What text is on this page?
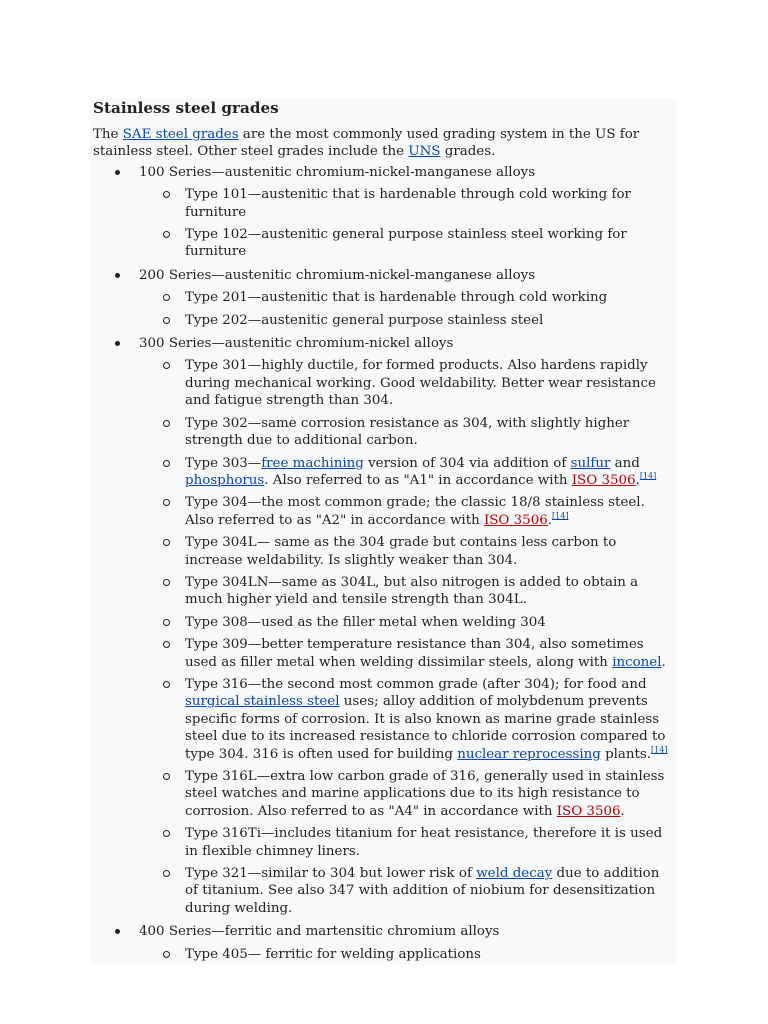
Stainless steel grades

The SAE steel grades are the most commonly used grading system in the US for stainless steel. Other steel grades include the UNS grades.

100 Series—austenitic chromium-nickel-manganese alloys
Type 101—austenitic that is hardenable through cold working for furniture
Type 102—austenitic general purpose stainless steel working for furniture
200 Series—austenitic chromium-nickel-manganese alloys
Type 201—austenitic that is hardenable through cold working
Type 202—austenitic general purpose stainless steel
300 Series—austenitic chromium-nickel alloys
Type 301—highly ductile, for formed products. Also hardens rapidly during mechanical working. Good weldability. Better wear resistance and fatigue strength than 304.
Type 302—same corrosion resistance as 304, with slightly higher strength due to additional carbon.
Type 303—free machining version of 304 via addition of sulfur and phosphorus. Also referred to as "A1" in accordance with ISO 3506.[14]
Type 304—the most common grade; the classic 18/8 stainless steel. Also referred to as "A2" in accordance with ISO 3506.[14]
Type 304L— same as the 304 grade but contains less carbon to increase weldability. Is slightly weaker than 304.
Type 304LN—same as 304L, but also nitrogen is added to obtain a much higher yield and tensile strength than 304L.
Type 308—used as the filler metal when welding 304
Type 309—better temperature resistance than 304, also sometimes used as filler metal when welding dissimilar steels, along with inconel.
Type 316—the second most common grade (after 304); for food and surgical stainless steel uses; alloy addition of molybdenum prevents specific forms of corrosion. It is also known as marine grade stainless steel due to its increased resistance to chloride corrosion compared to type 304. 316 is often used for building nuclear reprocessing plants.[14]
Type 316L—extra low carbon grade of 316, generally used in stainless steel watches and marine applications due to its high resistance to corrosion. Also referred to as "A4" in accordance with ISO 3506.
Type 316Ti—includes titanium for heat resistance, therefore it is used in flexible chimney liners.
Type 321—similar to 304 but lower risk of weld decay due to addition of titanium. See also 347 with addition of niobium for desensitization during welding.
400 Series—ferritic and martensitic chromium alloys
Type 405— ferritic for welding applications
